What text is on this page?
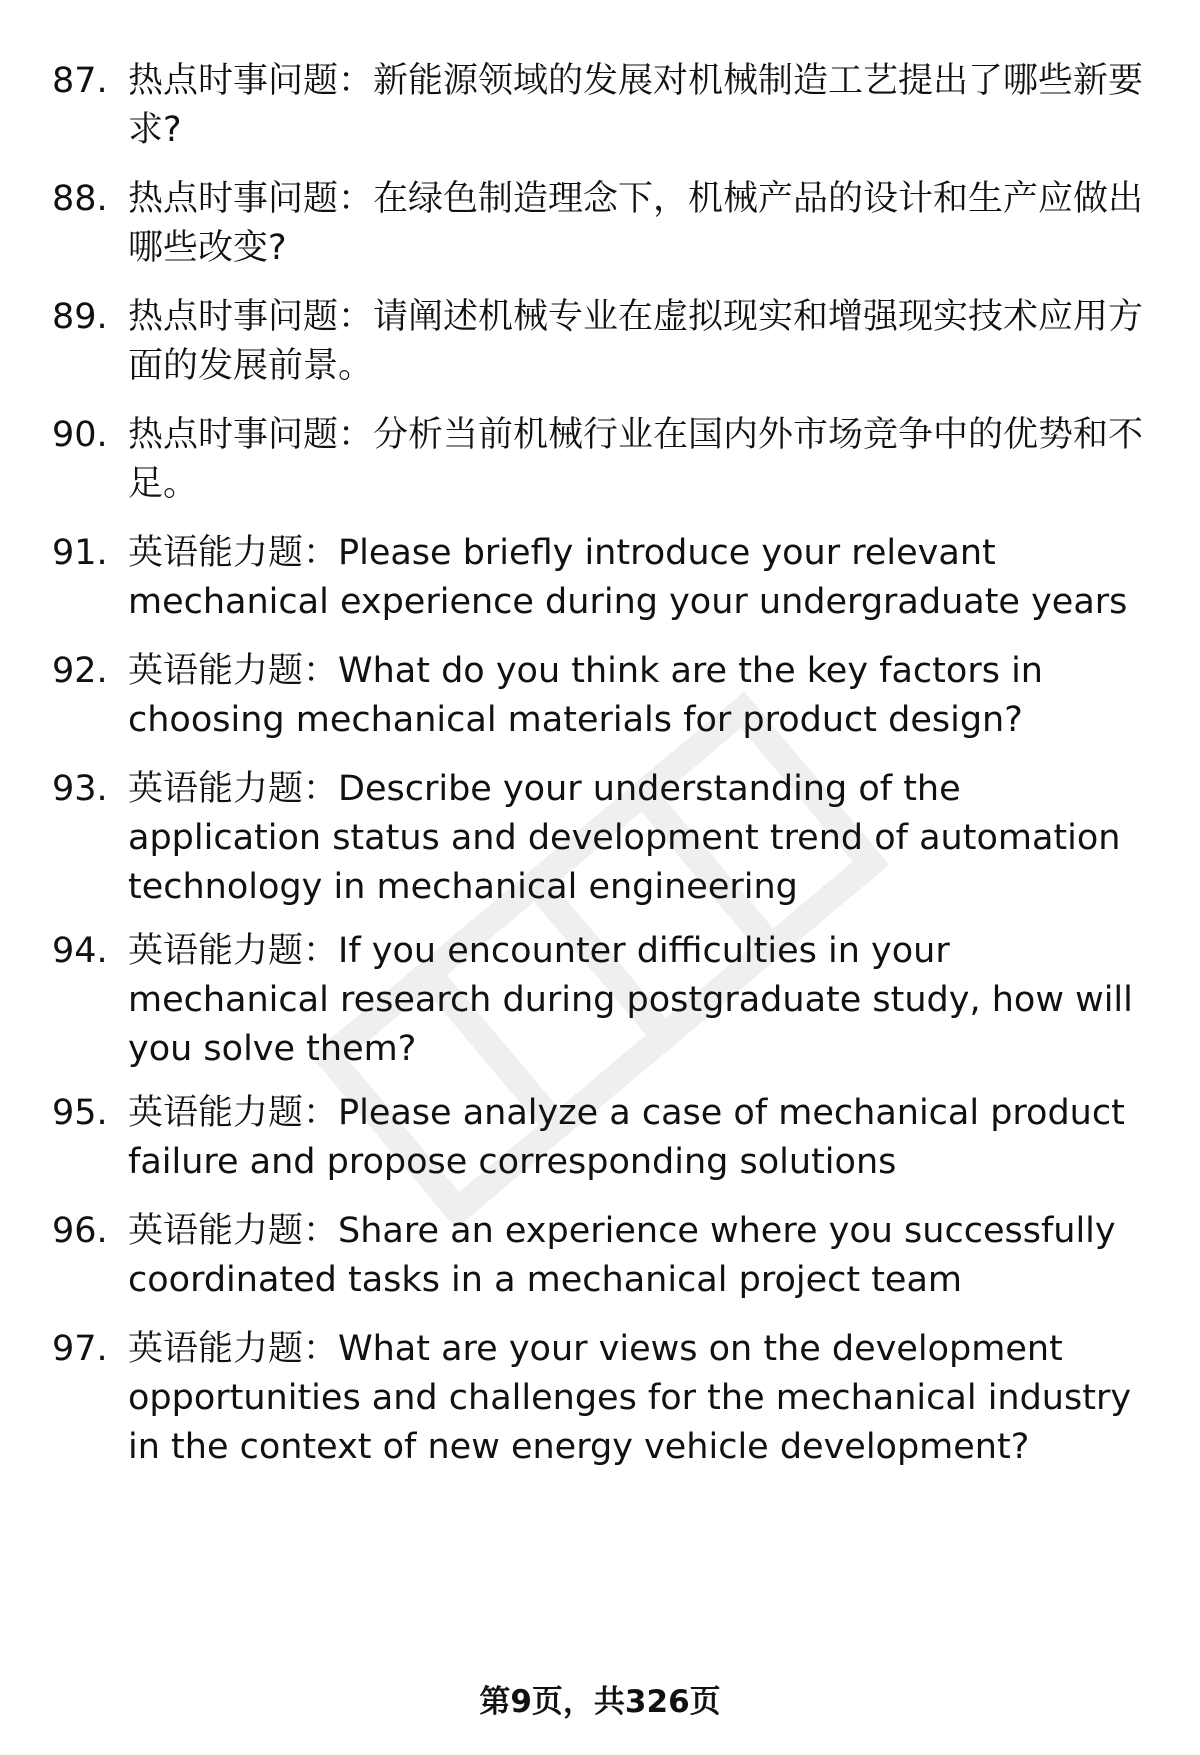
87. 热点时事问题：新能源领域的发展对机械制造工艺提出了哪些新要求?
88. 热点时事问题：在绿色制造理念下，机械产品的设计和生产应做出哪些改变?
89. 热点时事问题：请阐述机械专业在虚拟现实和增强现实技术应用方面的发展前景。
90. 热点时事问题：分析当前机械行业在国内外市场竞争中的优势和不足。
91. 英语能力题：Please briefly introduce your relevant mechanical experience during your undergraduate years
92. 英语能力题：What do you think are the key factors in choosing mechanical materials for product design?
93. 英语能力题：Describe your understanding of the application status and development trend of automation technology in mechanical engineering
94. 英语能力题：If you encounter difficulties in your mechanical research during postgraduate study, how will you solve them?
95. 英语能力题：Please analyze a case of mechanical product failure and propose corresponding solutions
96. 英语能力题：Share an experience where you successfully coordinated tasks in a mechanical project team
97. 英语能力题：What are your views on the development opportunities and challenges for the mechanical industry in the context of new energy vehicle development?
第9页，共326页
